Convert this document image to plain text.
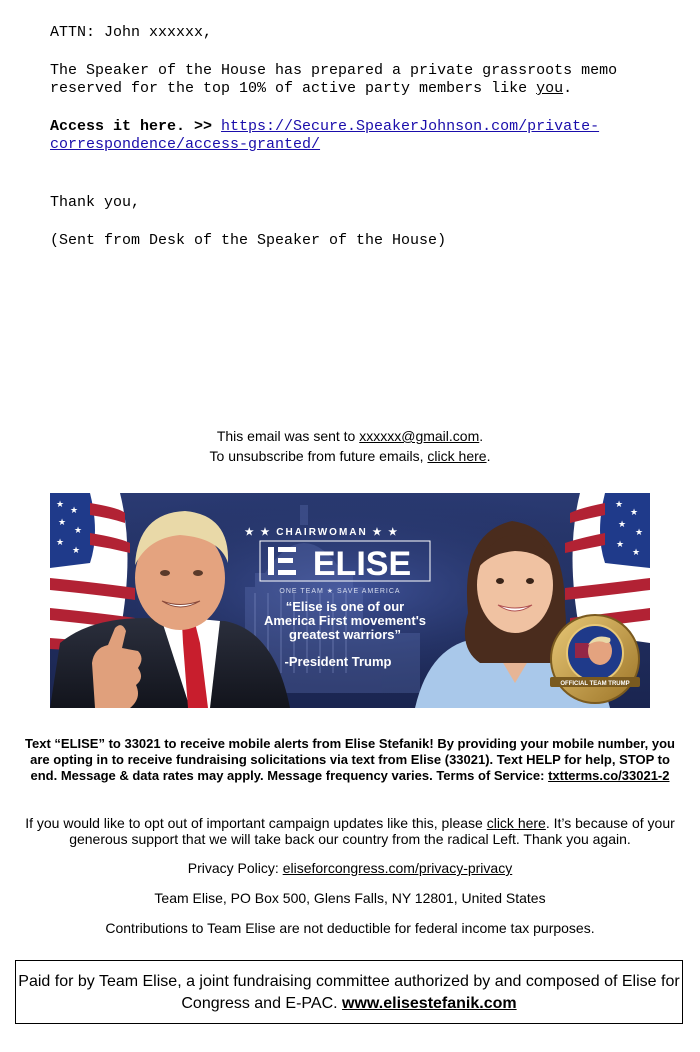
ATTN: John xxxxxx,

The Speaker of the House has prepared a private grassroots memo reserved for the top 10% of active party members like you.

Access it here. >> https://Secure.SpeakerJohnson.com/private-correspondence/access-granted/

Thank you,

(Sent from Desk of the Speaker of the House)

This email was sent to xxxxxx@gmail.com.
To unsubscribe from future emails, click here.
★
★
★
★
★
★
★
★
★
★
★
★
★ ★ CHAIRWOMAN ★ ★
ELISE
ONE TEAM ★ SAVE AMERICA
“Elise is one of our
America First movement's
greatest warriors”
-President Trump
OFFICIAL TEAM TRUMP
Text “ELISE” to 33021 to receive mobile alerts from Elise Stefanik! By providing your mobile number, you are opting in to receive fundraising solicitations via text from Elise (33021). Text HELP for help, STOP to end. Message & data rates may apply. Message frequency varies. Terms of Service: txtterms.co/33021-2
If you would like to opt out of important campaign updates like this, please click here. It’s because of your generous support that we will take back our country from the radical Left. Thank you again.
Privacy Policy: eliseforcongress.com/privacy-privacy
Team Elise, PO Box 500, Glens Falls, NY 12801, United States
Contributions to Team Elise are not deductible for federal income tax purposes.
Paid for by Team Elise, a joint fundraising committee authorized by and composed of Elise for Congress and E-PAC. www.elisestefanik.com
